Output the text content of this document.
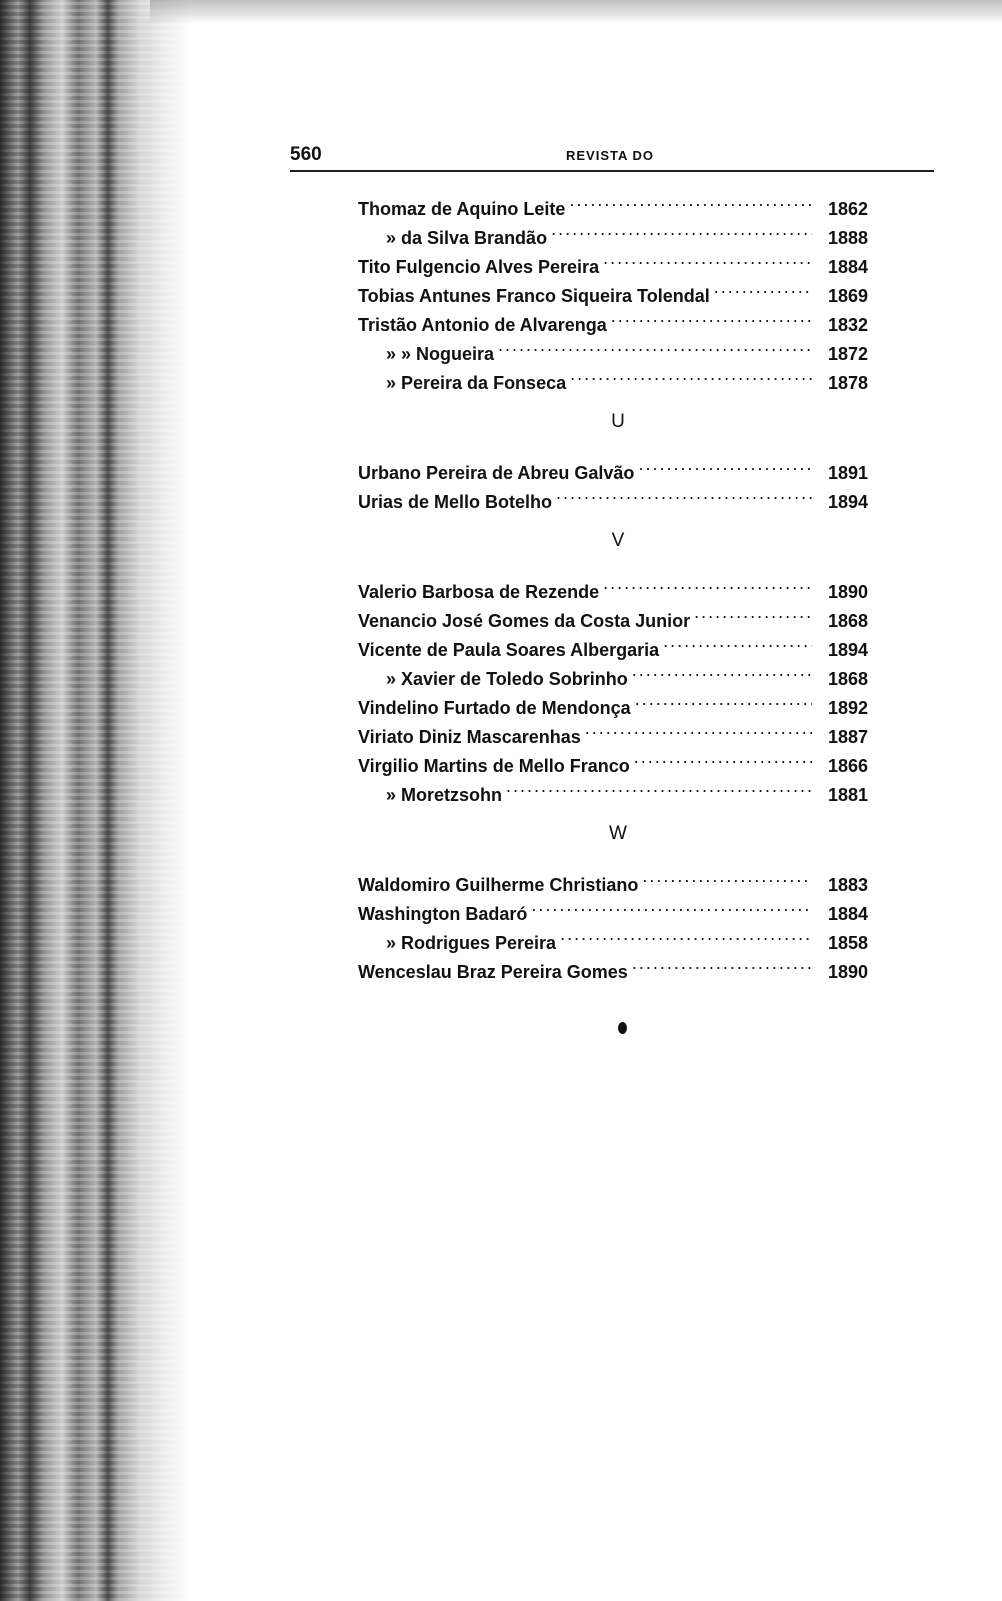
560	REVISTA DO
Thomaz de Aquino Leite .....	1862
» da Silva Brandão .....	1888
Tito Fulgencio Alves Pereira .....	1884
Tobias Antunes Franco Siqueira Tolendal .....	1869
Tristão Antonio de Alvarenga .....	1832
» » Nogueira .....	1872
» Pereira da Fonseca .....	1878
U
Urbano Pereira de Abreu Galvão .....	1891
Urias de Mello Botelho .....	1894
V
Valerio Barbosa de Rezende .....	1890
Venancio José Gomes da Costa Junior .....	1868
Vicente de Paula Soares Albergaria .....	1894
» Xavier de Toledo Sobrinho .....	1868
Vindelino Furtado de Mendonça .....	1892
Viriato Diniz Mascarenhas .....	1887
Virgilio Martins de Mello Franco .....	1866
» Moretzsohn .....	1881
W
Waldomiro Guilherme Christiano .....	1883
Washington Badaró .....	1884
» Rodrigues Pereira .....	1858
Wenceslau Braz Pereira Gomes .....	1890
